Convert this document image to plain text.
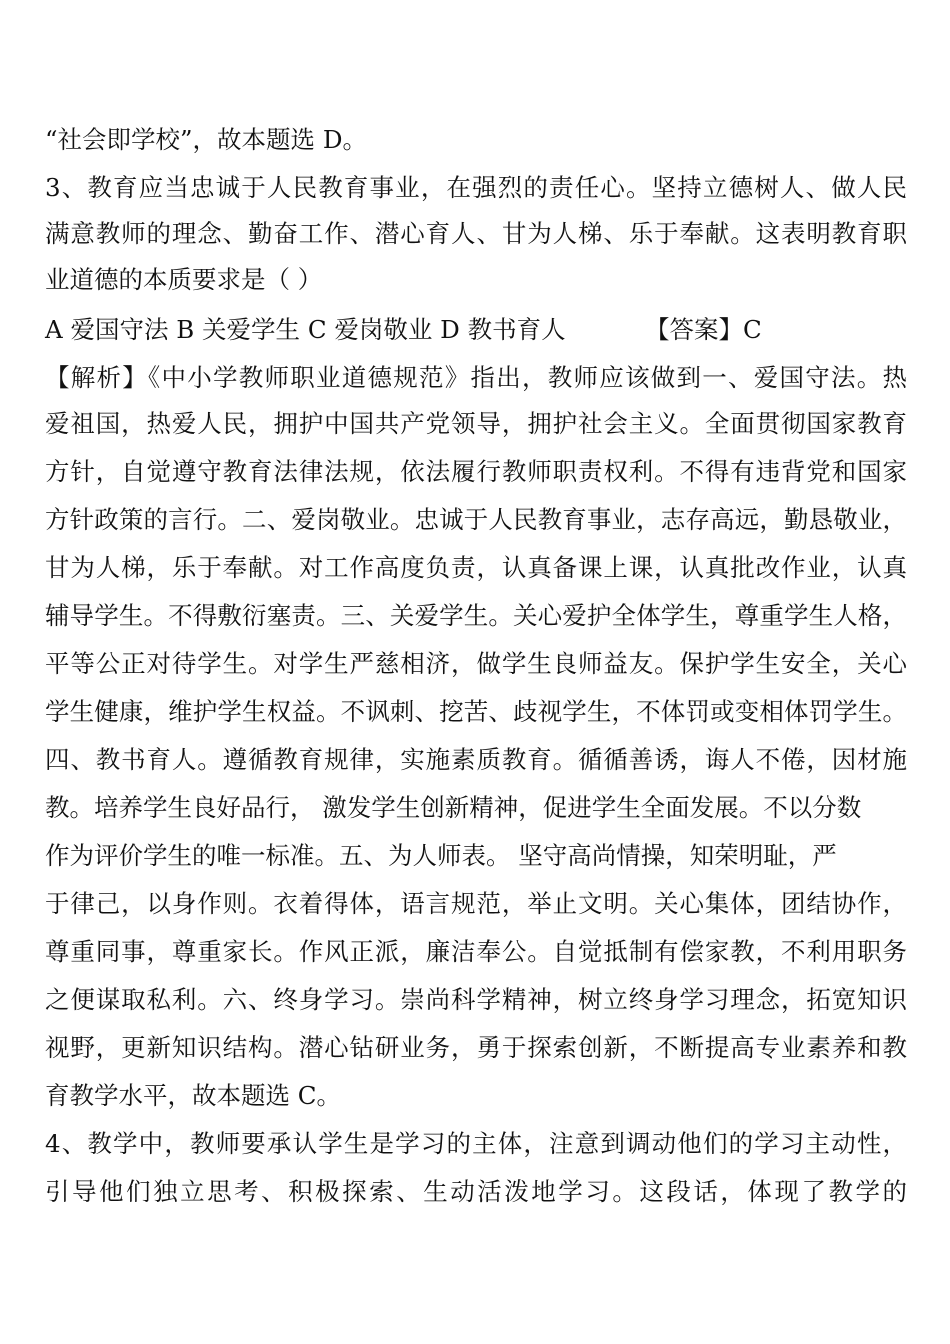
“社会即学校”，故本题选 D。
3、教育应当忠诚于人民教育事业，在强烈的责任心。坚持立德树人、做人民
满意教师的理念、勤奋工作、潜心育人、甘为人梯、乐于奉献。这表明教育职
业道德的本质要求是（ ）
A 爱国守法 B 关爱学生 C 爱岗敬业 D 教书育人	【答案】C
【解析】《中小学教师职业道德规范》指出，教师应该做到一、爱国守法。热
爱祖国，热爱人民，拥护中国共产党领导，拥护社会主义。全面贯彻国家教育
方针，自觉遵守教育法律法规，依法履行教师职责权利。不得有违背党和国家
方针政策的言行。二、爱岗敬业。忠诚于人民教育事业，志存高远，勤恳敬业，
甘为人梯，乐于奉献。对工作高度负责，认真备课上课，认真批改作业，认真
辅导学生。不得敷衍塞责。三、关爱学生。关心爱护全体学生，尊重学生人格，
平等公正对待学生。对学生严慈相济，做学生良师益友。保护学生安全，关心
学生健康，维护学生权益。不讽刺、挖苦、歧视学生，不体罚或变相体罚学生。
四、教书育人。遵循教育规律，实施素质教育。循循善诱，诲人不倦，因材施
教。培养学生良好品行， 激发学生创新精神，促进学生全面发展。不以分数
作为评价学生的唯一标准。五、为人师表。 坚守高尚情操，知荣明耻，严
于律己，以身作则。衣着得体，语言规范，举止文明。关心集体，团结协作，
尊重同事，尊重家长。作风正派，廉洁奉公。自觉抵制有偿家教，不利用职务
之便谋取私利。六、终身学习。崇尚科学精神，树立终身学习理念，拓宽知识
视野，更新知识结构。潜心钻研业务，勇于探索创新，不断提高专业素养和教
育教学水平，故本题选 C。
4、教学中，教师要承认学生是学习的主体，注意到调动他们的学习主动性，
引导他们独立思考、积极探索、生动活泼地学习。这段话，体现了教学的
